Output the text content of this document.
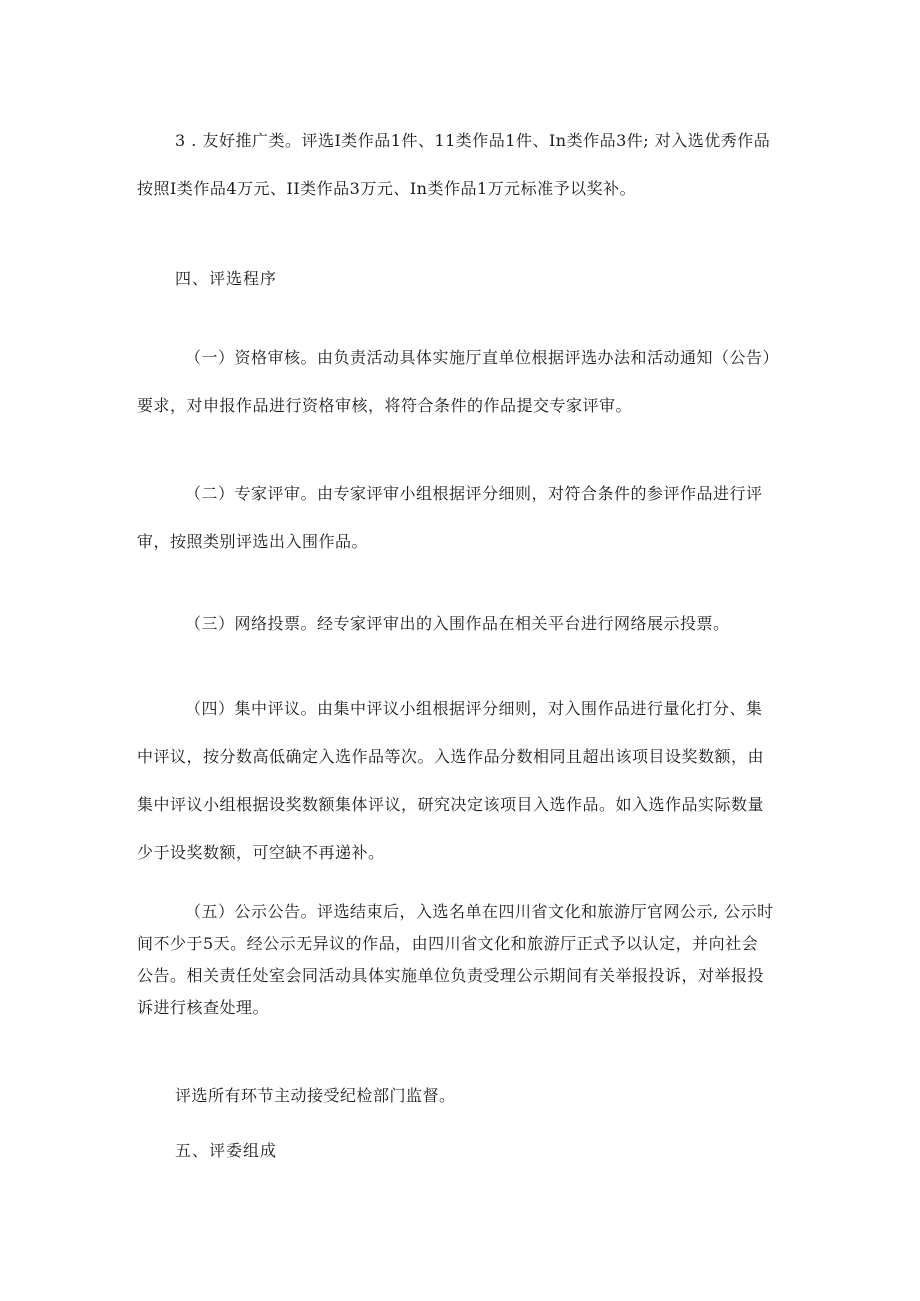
3 . 友好推广类。评选I类作品1件、11类作品1件、In类作品3件; 对入选优秀作品
按照I类作品4万元、II类作品3万元、In类作品1万元标准予以奖补。
四、评选程序
（一）资格审核。由负责活动具体实施厅直单位根据评选办法和活动通知（公告）
要求，对申报作品进行资格审核，将符合条件的作品提交专家评审。
（二）专家评审。由专家评审小组根据评分细则，对符合条件的参评作品进行评
审，按照类别评选出入围作品。
（三）网络投票。经专家评审出的入围作品在相关平台进行网络展示投票。
（四）集中评议。由集中评议小组根据评分细则，对入围作品进行量化打分、集
中评议，按分数高低确定入选作品等次。入选作品分数相同且超出该项目设奖数额，由
集中评议小组根据设奖数额集体评议，研究决定该项目入选作品。如入选作品实际数量
少于设奖数额，可空缺不再递补。
（五）公示公告。评选结束后，入选名单在四川省文化和旅游厅官网公示, 公示时
间不少于5天。经公示无异议的作品，由四川省文化和旅游厅正式予以认定，并向社会
公告。相关责任处室会同活动具体实施单位负责受理公示期间有关举报投诉，对举报投
诉进行核查处理。
评选所有环节主动接受纪检部门监督。
五、评委组成
